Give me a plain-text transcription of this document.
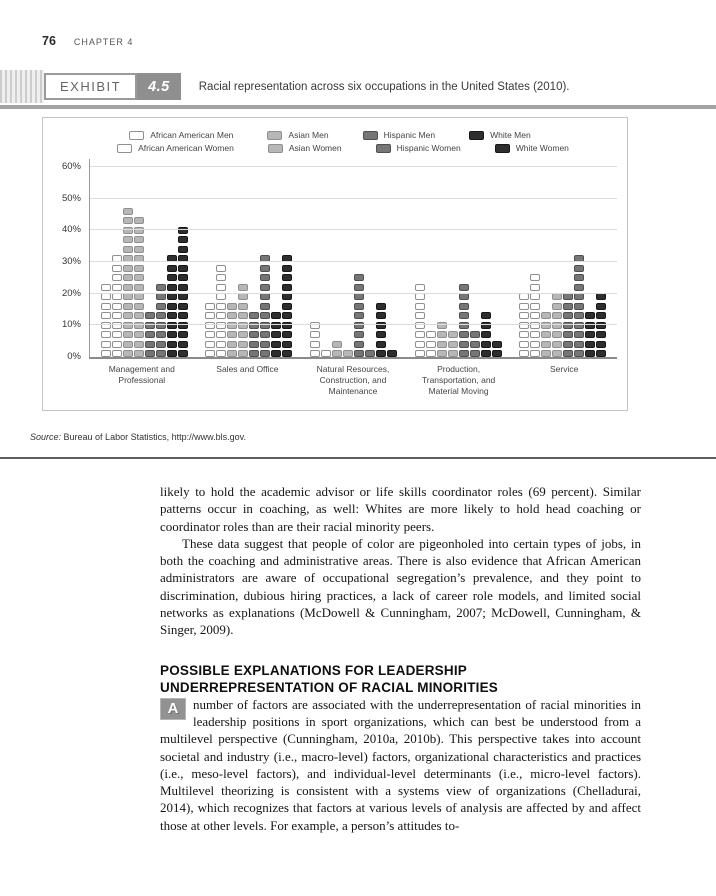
76 CHAPTER 4
EXHIBIT	4.5	Racial representation across six occupations in the United States (2010).
African American Men	Asian Men	Hispanic Men	White Men
African American Women	Asian Women	Hispanic Women	White Women
60%
50%
40%
30%
20%
10%
0%
Management and
Professional
Sales and Office	Natural Resources,
Construction, and
Maintenance
Production,
Transportation, and
Material Moving
Service
Source: Bureau of Labor Statistics, http://www.bls.gov.

likely to hold the academic advisor or life skills coordinator roles (69 percent). Similar patterns occur in coaching, as well: Whites are more likely to hold head coaching or coordinator roles than are their racial minority peers.

These data suggest that people of color are pigeonholed into certain types of jobs, in both the coaching and administrative areas. There is also evidence that African American administrators are aware of occupational segregation’s prevalence, and they point to discrimination, dubious hiring practices, a lack of career role models, and limited social networks as explanations (McDowell & Cunningham, 2007; McDowell, Cunningham, & Singer, 2009).

POSSIBLE EXPLANATIONS FOR LEADERSHIP
UNDERREPRESENTATION OF RACIAL MINORITIES

A	number of factors are associated with the underrepresentation of racial minorities in leadership positions in sport organizations, which can best be understood from a multilevel perspective (Cunningham, 2010a, 2010b). This perspective takes into account societal and industry (i.e., macro-level) factors, organizational characteristics and practices (i.e., meso-level factors), and individual-level determinants (i.e., micro-level factors). Multilevel theorizing is consistent with a systems view of organizations (Chelladurai, 2014), which recognizes that factors at various levels of analysis are affected by and affect those at other levels. For example, a person’s attitudes to-
